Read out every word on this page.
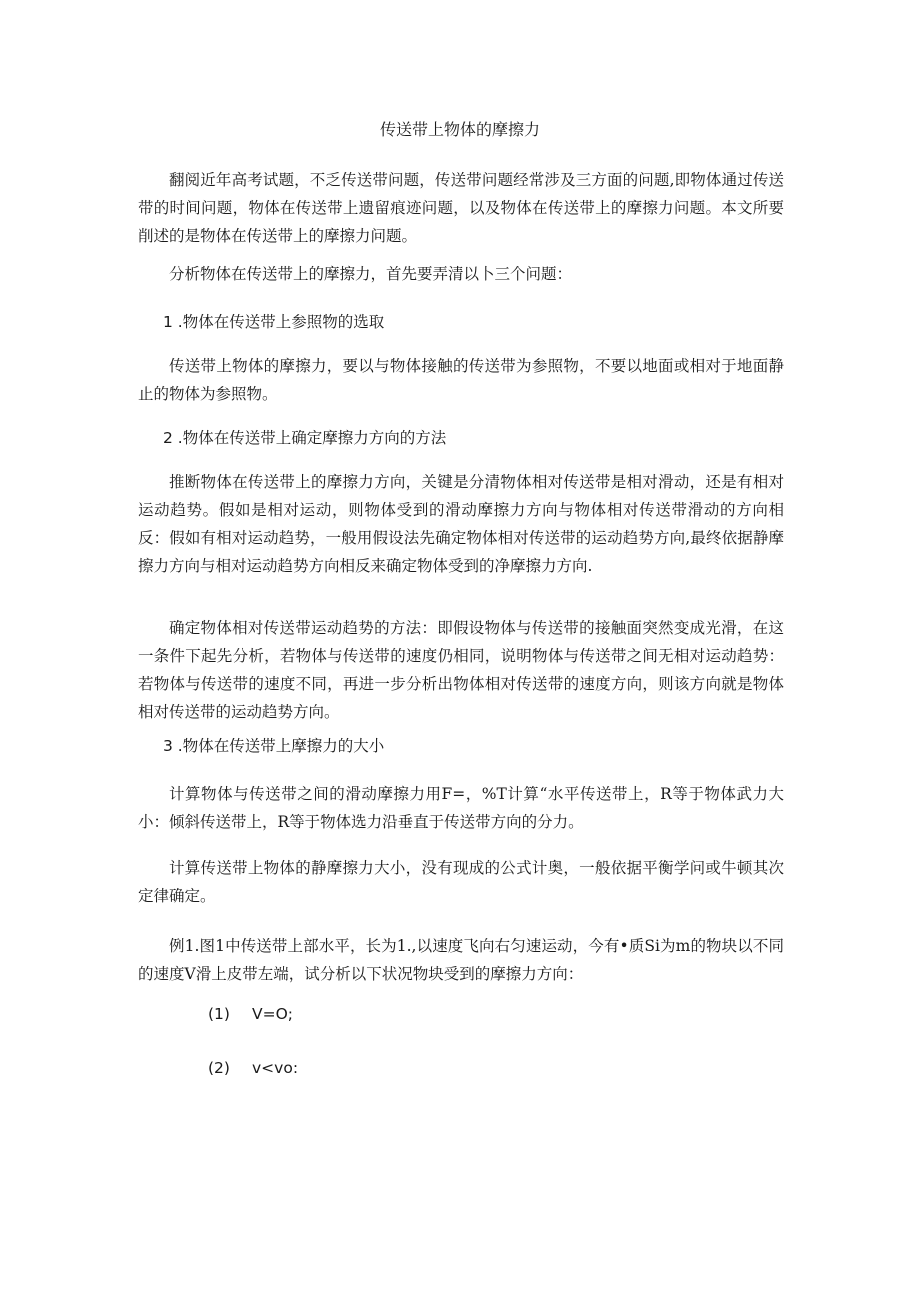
传送带上物体的摩擦力

翻阅近年高考试题，不乏传送带问题，传送带问题经常涉及三方面的问题,即物体通过传送带的时间问题，物体在传送带上遗留痕迹问题，以及物体在传送带上的摩擦力问题。本文所要削述的是物体在传送带上的摩擦力问题。

分析物体在传送带上的摩擦力，首先要弄清以卜三个问题：

1 .物体在传送带上参照物的选取

传送带上物体的摩擦力，要以与物体接触的传送带为参照物，不要以地面或相对于地面静止的物体为参照物。

2 .物体在传送带上确定摩擦力方向的方法

推断物体在传送带上的摩擦力方向，关键是分清物体相对传送带是相对滑动，还是有相对运动趋势。假如是相对运动，则物体受到的滑动摩擦力方向与物体相对传送带滑动的方向相反：假如有相对运动趋势，一般用假设法先确定物体相对传送带的运动趋势方向,最终依据静摩擦力方向与相对运动趋势方向相反来确定物体受到的净摩擦力方向.

确定物体相对传送带运动趋势的方法：即假设物体与传送带的接触面突然变成光滑，在这一条件下起先分析，若物体与传送带的速度仍相同，说明物体与传送带之间无相对运动趋势：若物体与传送带的速度不同，再进一步分析出物体相对传送带的速度方向，则该方向就是物体相对传送带的运动趋势方向。

3 .物体在传送带上摩擦力的大小

计算物体与传送带之间的滑动摩擦力用F=，%T计算“水平传送带上，R等于物体武力大小：倾斜传送带上，R等于物体选力沿垂直于传送带方向的分力。

计算传送带上物体的静摩擦力大小，没有现成的公式计奥，一般依据平衡学问或牛顿其次定律确定。

例1.图1中传送带上部水平，长为1.,以速度飞向右匀速运动，今有•质Si为m的物块以不同的速度V滑上皮带左端，试分析以下状况物块受到的摩擦力方向：

(1) V=O;

(2) v<vo:
